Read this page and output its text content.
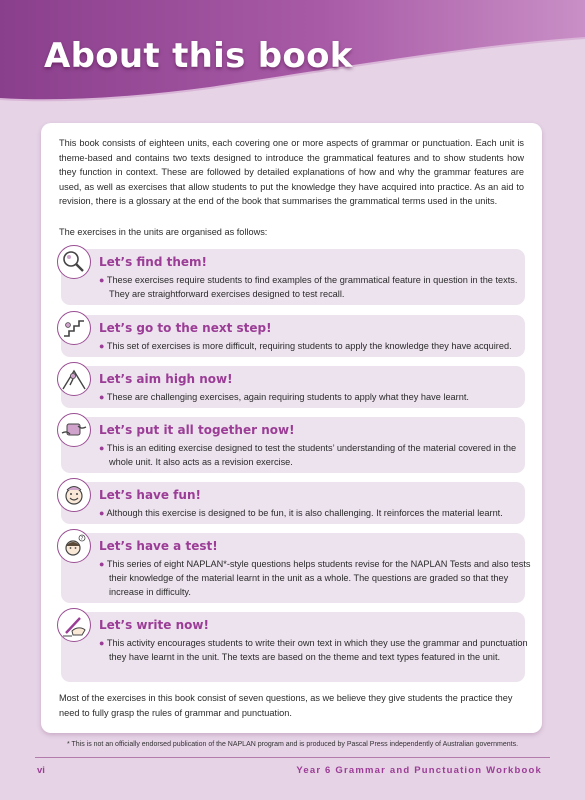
About this book

This book consists of eighteen units, each covering one or more aspects of grammar or punctuation. Each unit is theme-based and contains two texts designed to introduce the grammatical features and to show students how they function in context. These are followed by detailed explanations of how and why the grammar features are used, as well as exercises that allow students to put the knowledge they have acquired into practice. As an aid to revision, there is a glossary at the end of the book that summarises the grammatical terms used in the units.

The exercises in the units are organised as follows:

Let’s find them!
● These exercises require students to find examples of the grammatical feature in question in the texts. They are straightforward exercises designed to test recall.
Let’s go to the next step!
● This set of exercises is more difficult, requiring students to apply the knowledge they have acquired.
Let’s aim high now!
● These are challenging exercises, again requiring students to apply what they have learnt.
Let’s put it all together now!
● This is an editing exercise designed to test the students’ understanding of the material covered in the whole unit. It also acts as a revision exercise.
Let’s have fun!
● Although this exercise is designed to be fun, it is also challenging. It reinforces the material learnt.
? Let’s have a test!
● This series of eight NAPLAN*-style questions helps students revise for the NAPLAN Tests and also tests their knowledge of the material learnt in the unit as a whole. The questions are graded so that they increase in difficulty.
Let’s write now!
● This activity encourages students to write their own text in which they use the grammar and punctuation they have learnt in the unit. The texts are based on the theme and text types featured in the unit.

Most of the exercises in this book consist of seven questions, as we believe they give students the practice they need to fully grasp the rules of grammar and punctuation.

* This is not an officially endorsed publication of the NAPLAN program and is produced by Pascal Press independently of Australian governments.
vi	Year 6 Grammar and Punctuation Workbook
